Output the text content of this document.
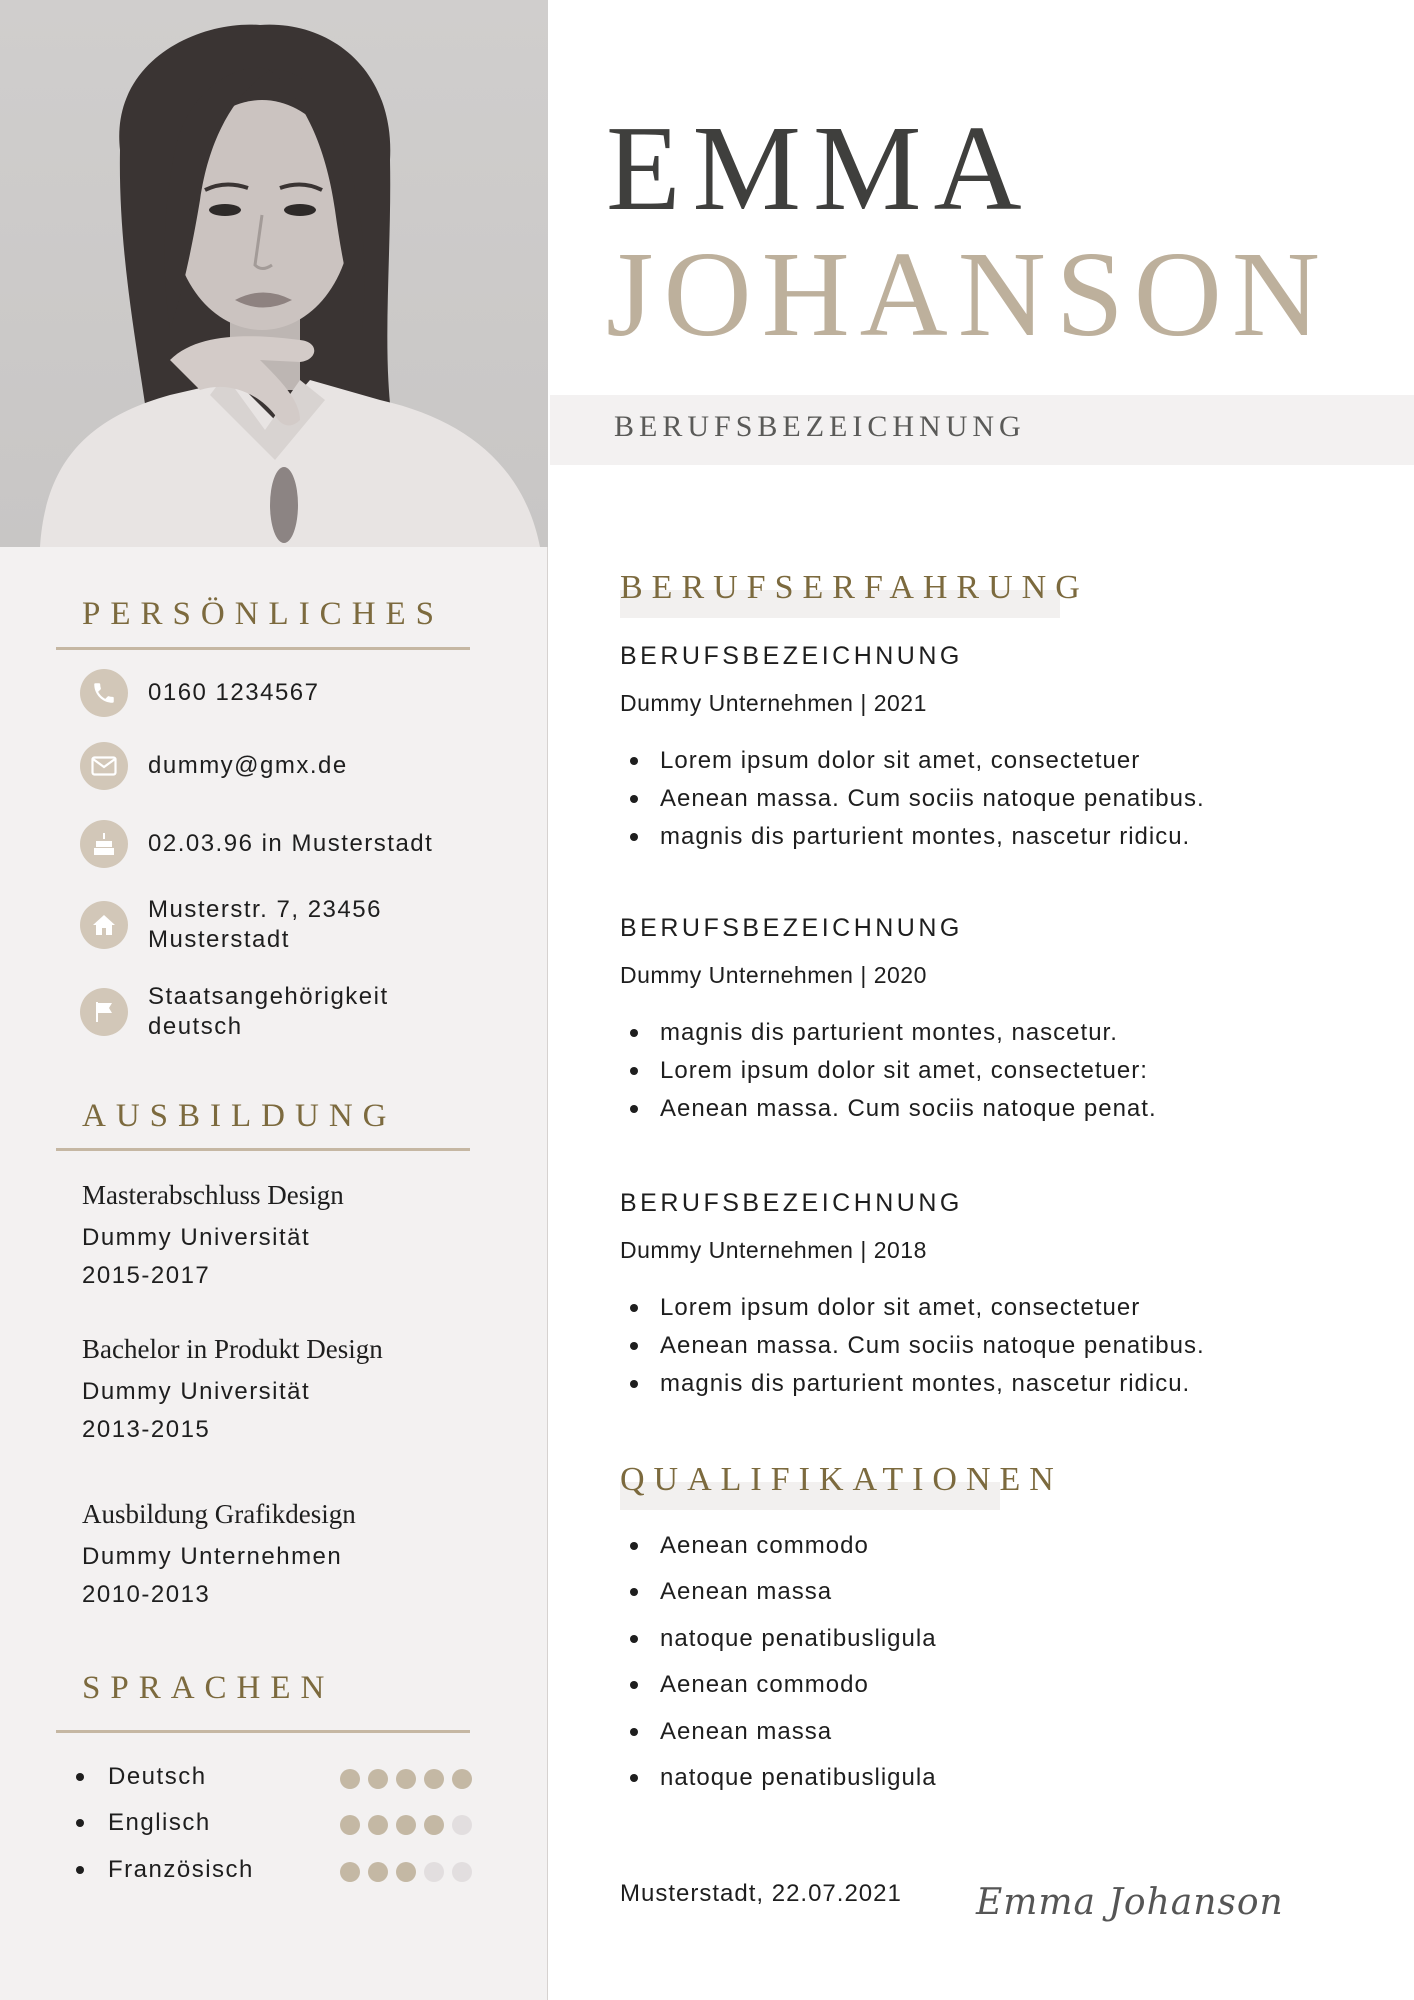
PERSÖNLICHES
0160 1234567
dummy@gmx.de
02.03.96 in Musterstadt
Musterstr. 7, 23456
Musterstadt
Staatsangehörigkeit
deutsch
AUSBILDUNG
Masterabschluss Design
Dummy Universität
2015-2017
Bachelor in Produkt Design
Dummy Universität
2013-2015
Ausbildung Grafikdesign
Dummy Unternehmen
2010-2013
SPRACHEN
Deutsch
Englisch
Französisch
EMMA
JOHANSON
BERUFSBEZEICHNUNG
BERUFSERFAHRUNG
BERUFSBEZEICHNUNG
Dummy Unternehmen | 2021
Lorem ipsum dolor sit amet, consectetuer
Aenean massa. Cum sociis natoque penatibus.
magnis dis parturient montes, nascetur ridicu.
BERUFSBEZEICHNUNG
Dummy Unternehmen | 2020
magnis dis parturient montes, nascetur.
Lorem ipsum dolor sit amet, consectetuer:
Aenean massa. Cum sociis natoque penat.
BERUFSBEZEICHNUNG
Dummy Unternehmen | 2018
Lorem ipsum dolor sit amet, consectetuer
Aenean massa. Cum sociis natoque penatibus.
magnis dis parturient montes, nascetur ridicu.
QUALIFIKATIONEN
Aenean commodo
Aenean massa
natoque penatibusligula
Aenean commodo
Aenean massa
natoque penatibusligula
Musterstadt, 22.07.2021 Emma Johanson
